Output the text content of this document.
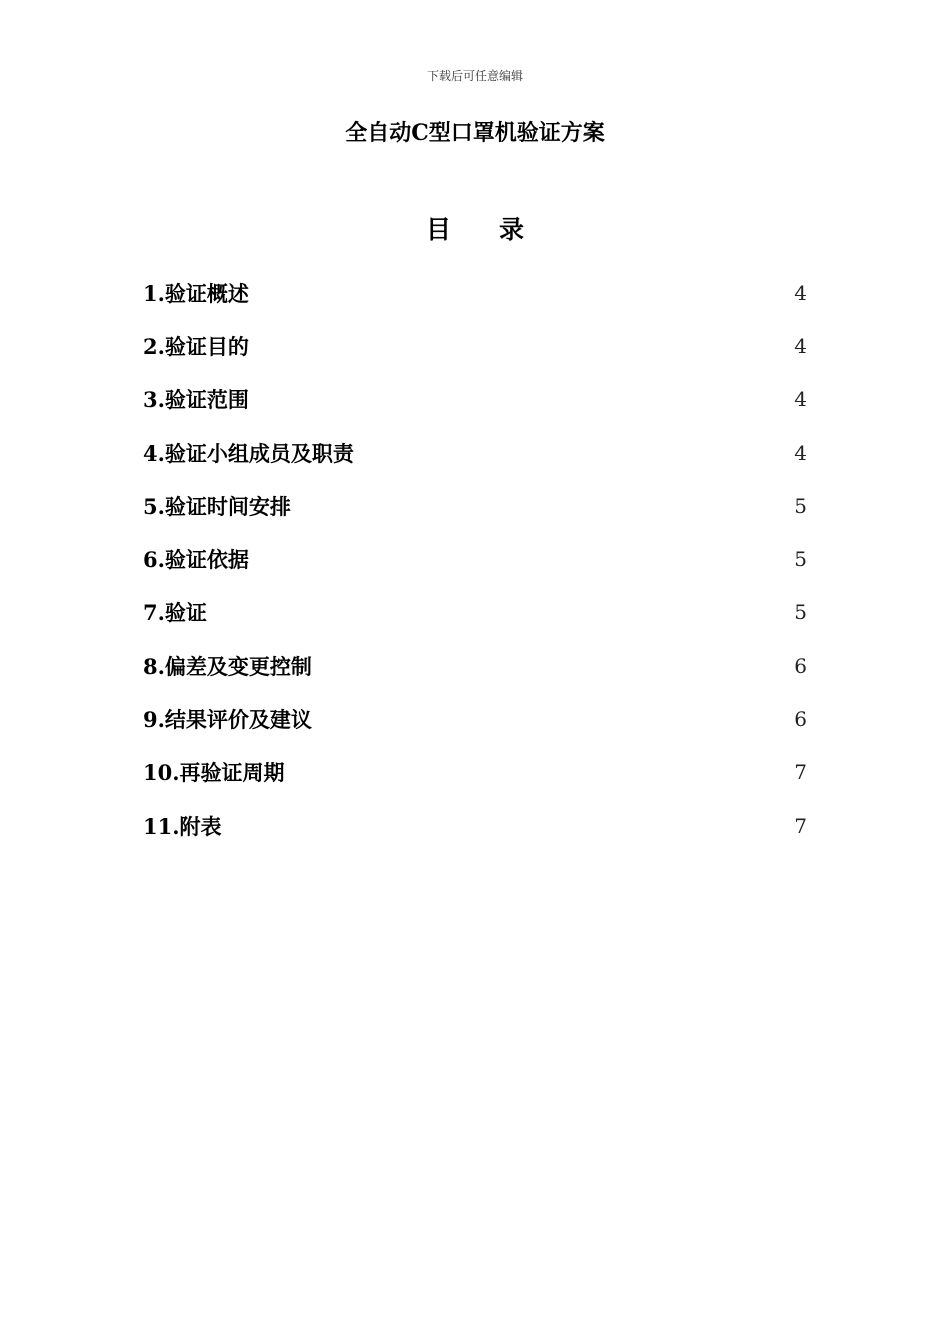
下载后可任意编辑
全自动C型口罩机验证方案
目录
1.验证概述	4
2.验证目的	4
3.验证范围	4
4.验证小组成员及职责	4
5.验证时间安排	5
6.验证依据	5
7.验证	5
8.偏差及变更控制	6
9.结果评价及建议	6
10.再验证周期	7
11.附表	7
